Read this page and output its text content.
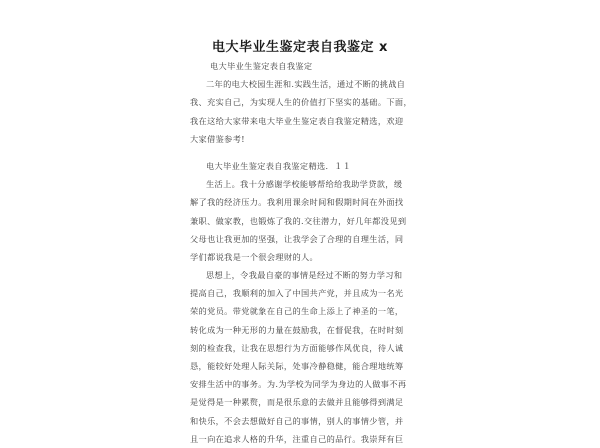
电大毕业生鉴定表自我鉴定 x
电大毕业生鉴定表自我鉴定
二年的电大校园生涯和.实践生活，通过不断的挑战自
我、充实自己，为实现人生的价值打下坚实的基础。下面，
我在这给大家带来电大毕业生鉴定表自我鉴定精选，欢迎
大家借鉴参考!
电大毕业生鉴定表自我鉴定精选．１１
生活上。我十分感谢学校能够帮给给我助学贷款，缓
解了我的经济压力。我利用课余时间和假期时间在外面找
兼职、做家教，也锻炼了我的.交往潜力，好几年都没见到
父母也让我更加的坚强，让我学会了合理的自理生活，同
学们都说我是一个很会理财的人。
思想上，令我最自豪的事情是经过不断的努力学习和
提高自己，我顺利的加入了中国共产党，并且成为一名光
荣的党员。带党就象在自己的生命上添上了神圣的一笔，
转化成为一种无形的力量在鼓励我，在督促我，在时时刻
刻的检查我，让我在思想行为方面能够作风优良，待人诚
恳，能较好处理人际关际，处事冷静稳健，能合理地统筹
安排生活中的事务。为.为学校为同学为身边的人做事不再
是觉得是一种累赘，而是很乐意的去做并且能够得到满足
和快乐，不会去想做好自己的事情，别人的事情少管，并
且一向在追求人格的升华，注重自己的品行。我崇拜有巨
